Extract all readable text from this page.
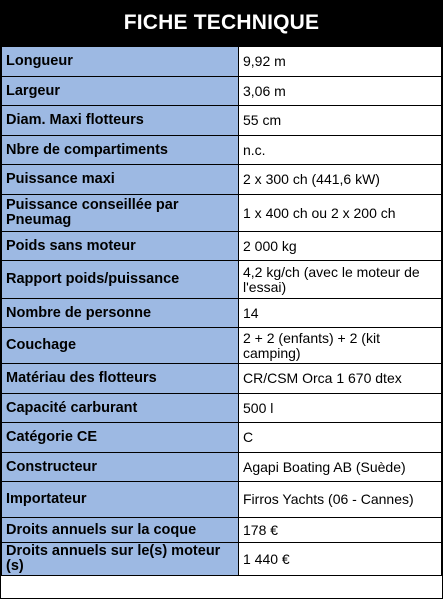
FICHE TECHNIQUE
Longueur	9,92 m
Largeur	3,06 m
Diam. Maxi flotteurs	55 cm
Nbre de compartiments	n.c.
Puissance maxi	2 x 300 ch (441,6 kW)
Puissance conseillée par Pneumag	1 x 400 ch ou 2 x 200 ch
Poids sans moteur	2 000 kg
Rapport poids/puissance	4,2 kg/ch (avec le moteur de l'essai)
Nombre de personne	14
Couchage	2 + 2 (enfants) + 2 (kit camping)
Matériau des flotteurs	CR/CSM Orca 1 670 dtex
Capacité carburant	500 l
Catégorie CE	C
Constructeur	Agapi Boating AB (Suède)
Importateur	Firros Yachts (06 - Cannes)
Droits annuels sur la coque	178 €
Droits annuels sur le(s) moteur (s)	1 440 €
